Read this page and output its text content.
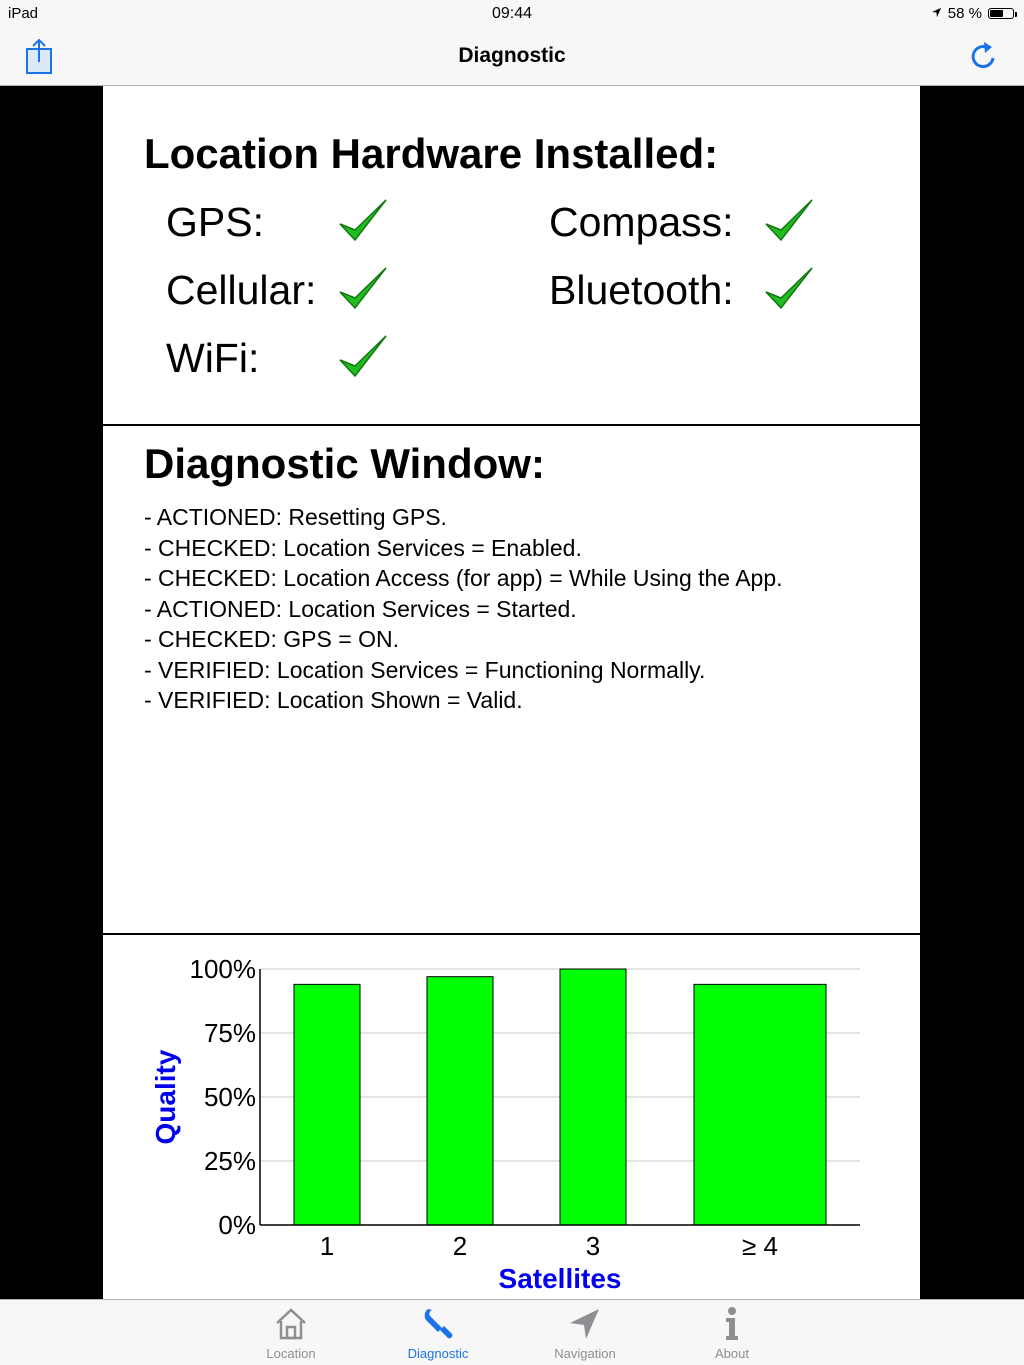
iPad	09:44	58 %
Diagnostic
Location Hardware Installed:
GPS:	Compass:
Cellular:	Bluetooth:
WiFi:
Diagnostic Window:
- ACTIONED: Resetting GPS.
- CHECKED: Location Services = Enabled.
- CHECKED: Location Access (for app) = While Using the App.
- ACTIONED: Location Services = Started.
- CHECKED: GPS = ON.
- VERIFIED: Location Services = Functioning Normally.
- VERIFIED: Location Shown = Valid.
0%
25%
50%
75%
100%
1	2	3	≥ 4
Satellites
Quality
Location	Diagnostic	Navigation	About
